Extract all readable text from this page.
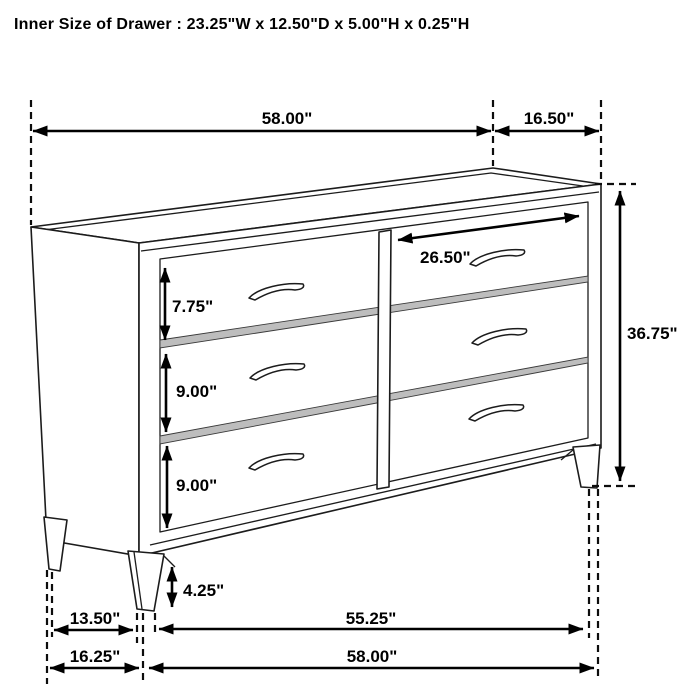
Inner Size of Drawer : 23.25"W x 12.50"D x 5.00"H x 0.25"H
58.00"	16.50"
36.75"
7.75"
9.00"
9.00"
26.50"
4.25"
13.50"	55.25"
16.25"	58.00"
